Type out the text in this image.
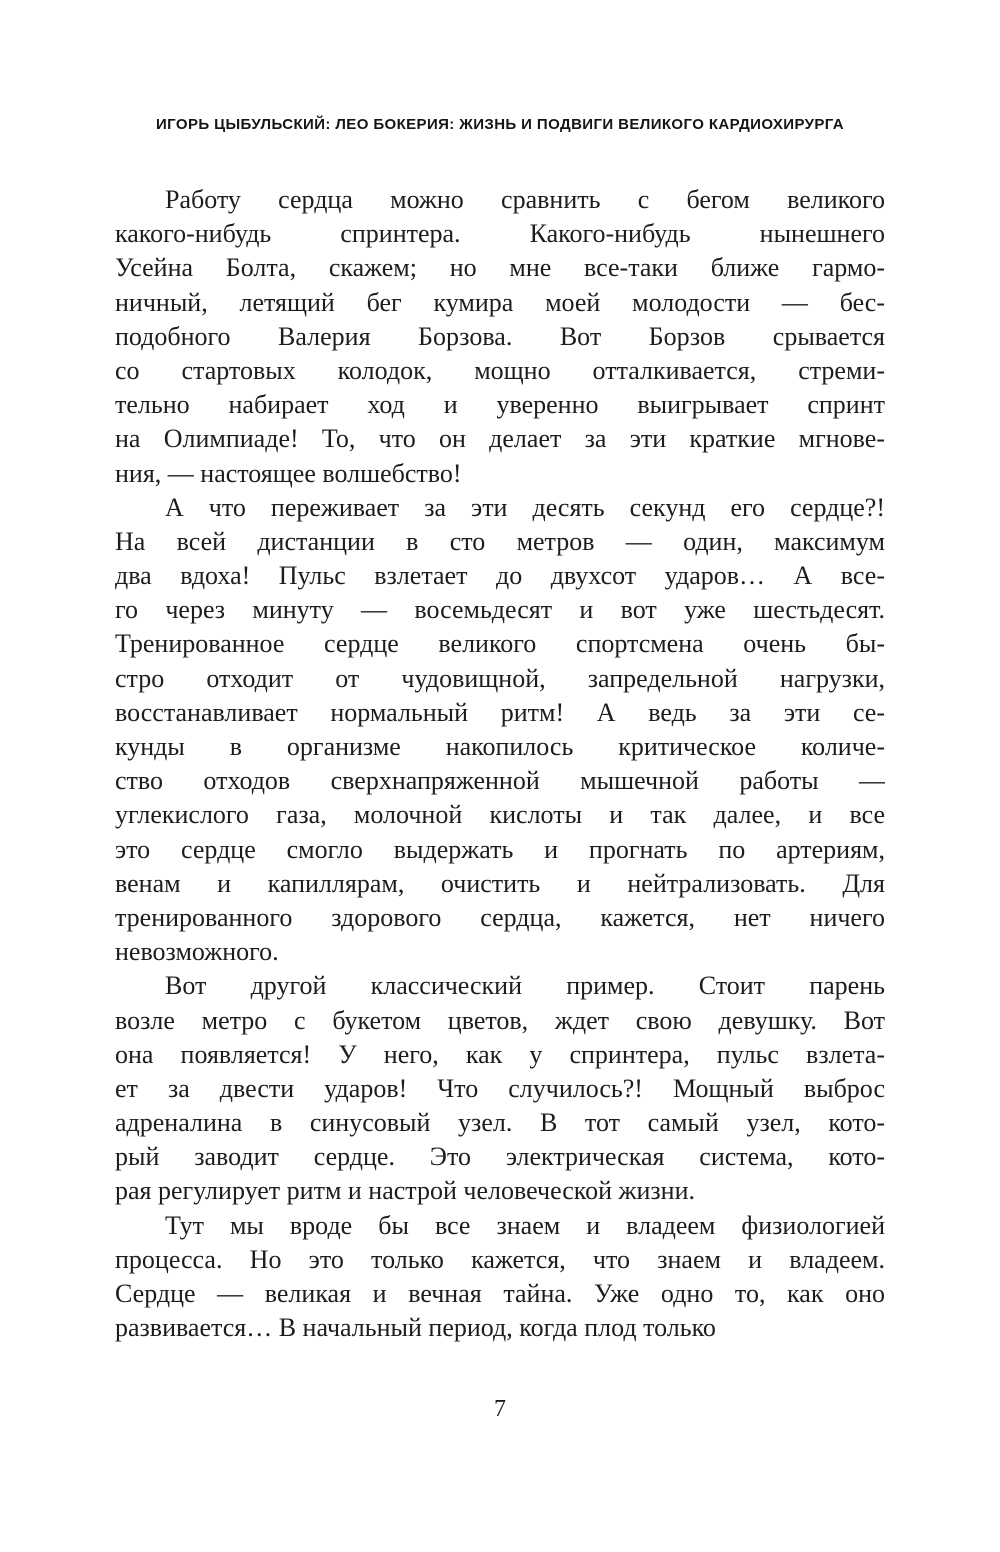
ИГОРЬ ЦЫБУЛЬСКИЙ: ЛЕО БОКЕРИЯ: ЖИЗНЬ И ПОДВИГИ ВЕЛИКОГО КАРДИОХИРУРГА
Работу сердца можно сравнить с бегом великого
какого-нибудь спринтера. Какого-нибудь нынешнего
Усейна Болта, скажем; но мне все-таки ближе гармо-
ничный, летящий бег кумира моей молодости — бес-
подобного Валерия Борзова. Вот Борзов срывается
со стартовых колодок, мощно отталкивается, стреми-
тельно набирает ход и уверенно выигрывает спринт
на Олимпиаде! То, что он делает за эти краткие мгнове-
ния, — настоящее волшебство!
А что переживает за эти десять секунд его сердце?!
На всей дистанции в сто метров — один, максимум
два вдоха! Пульс взлетает до двухсот ударов… А все-
го через минуту — восемьдесят и вот уже шестьдесят.
Тренированное сердце великого спортсмена очень бы-
стро отходит от чудовищной, запредельной нагрузки,
восстанавливает нормальный ритм! А ведь за эти се-
кунды в организме накопилось критическое количе-
ство отходов сверхнапряженной мышечной работы —
углекислого газа, молочной кислоты и так далее, и все
это сердце смогло выдержать и прогнать по артериям,
венам и капиллярам, очистить и нейтрализовать. Для
тренированного здорового сердца, кажется, нет ничего
невозможного.
Вот другой классический пример. Стоит парень
возле метро с букетом цветов, ждет свою девушку. Вот
она появляется! У него, как у спринтера, пульс взлета-
ет за двести ударов! Что случилось?! Мощный выброс
адреналина в синусовый узел. В тот самый узел, кото-
рый заводит сердце. Это электрическая система, кото-
рая регулирует ритм и настрой человеческой жизни.
Тут мы вроде бы все знаем и владеем физиологией
процесса. Но это только кажется, что знаем и владеем.
Сердце — великая и вечная тайна. Уже одно то, как оно
развивается… В начальный период, когда плод только
7
